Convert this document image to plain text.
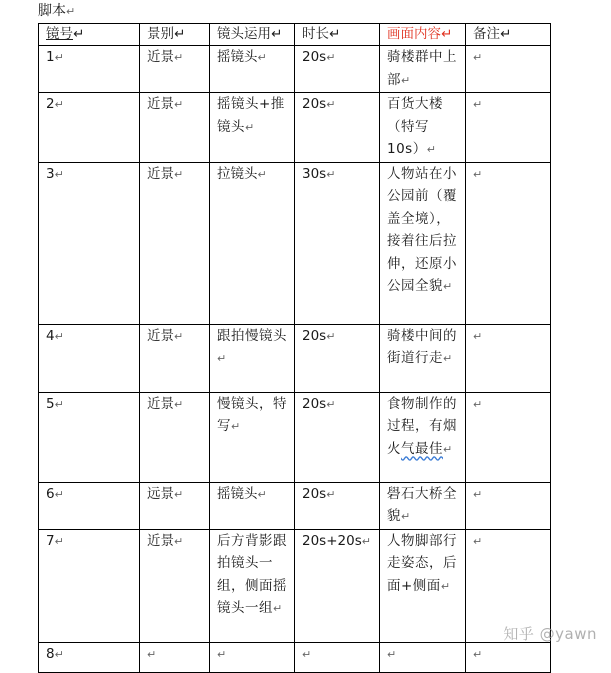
脚本↵
镜号↵	景别↵	镜头运用↵	时长↵	画面内容↵	备注↵
1↵	近景↵	摇镜头↵	20s↵	骑楼群中上部↵	↵
2↵	近景↵	摇镜头+推镜头↵	20s↵	百货大楼（特写10s）↵	↵
3↵	近景↵	拉镜头↵	30s↵	人物站在小公园前（覆盖全境），接着往后拉伸，还原小公园全貌↵	↵
4↵	近景↵	跟拍慢镜头↵	20s↵	骑楼中间的街道行走↵	↵
5↵	近景↵	慢镜头，特写↵	20s↵	食物制作的过程，有烟火气最佳↵	↵
6↵	远景↵	摇镜头↵	20s↵	礐石大桥全貌↵	↵
7↵	近景↵	后方背影跟拍镜头一组，侧面摇镜头一组↵	20s+20s↵	人物脚部行走姿态，后面+侧面↵	↵
8↵	↵	↵	↵	↵	↵
知乎 @yawn
